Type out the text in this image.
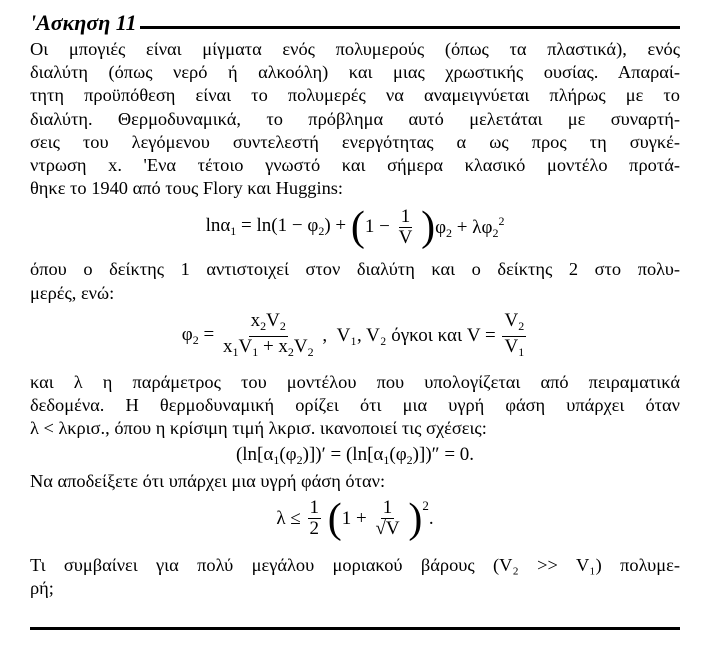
'Ασκηση 11

Οι μπογιές είναι μίγματα ενός πολυμερούς (όπως τα πλαστικά), ενός
διαλύτη (όπως νερό ή αλκοόλη) και μιας χρωστικής ουσίας. Απαραί-
τητη προϋπόθεση είναι το πολυμερές να αναμειγνύεται πλήρως με το
διαλύτη. Θερμοδυναμικά, το πρόβλημα αυτό μελετάται με συναρτή-
σεις του λεγόμενου συντελεστή ενεργότητας α ως προς τη συγκέ-
ντρωση x. 'Ενα τέτοιο γνωστό και σήμερα κλασικό μοντέλο προτά-
θηκε το 1940 από τους Flory και Huggins:

$\ln\alpha_1 = \ln(1 - \varphi_2) + (1 - \frac{1}{V} )\varphi_2 + \lambda\varphi_2^2$

όπου ο δείκτης 1 αντιστοιχεί στον διαλύτη και ο δείκτης 2 στο πολυ-
μερές, ενώ:

$\varphi_2 = \frac{x_2V_2}{x_1V_1 + x_2V_2}$ ,  V₁, V₂ όγκοι και $V = \frac{V_2}{V_1}$

και λ η παράμετρος του μοντέλου που υπολογίζεται από πειραματικά
δεδομένα. Η θερμοδυναμική ορίζει ότι μια υγρή φάση υπάρχει όταν
λ < λκρισ., όπου η κρίσιμη τιμή λκρισ. ικανοποιεί τις σχέσεις:

$(\ln[\alpha_1(\varphi_2)])' = (\ln[\alpha_1(\varphi_2)])'' = 0$.

Να αποδείξετε ότι υπάρχει μια υγρή φάση όταν:

$\lambda \le \frac{1}{2} (1 + \frac{1}{√V} )2$.

Τι συμβαίνει για πολύ μεγάλου μοριακού βάρους (V₂ >> V₁) πολυμε-
ρή;
